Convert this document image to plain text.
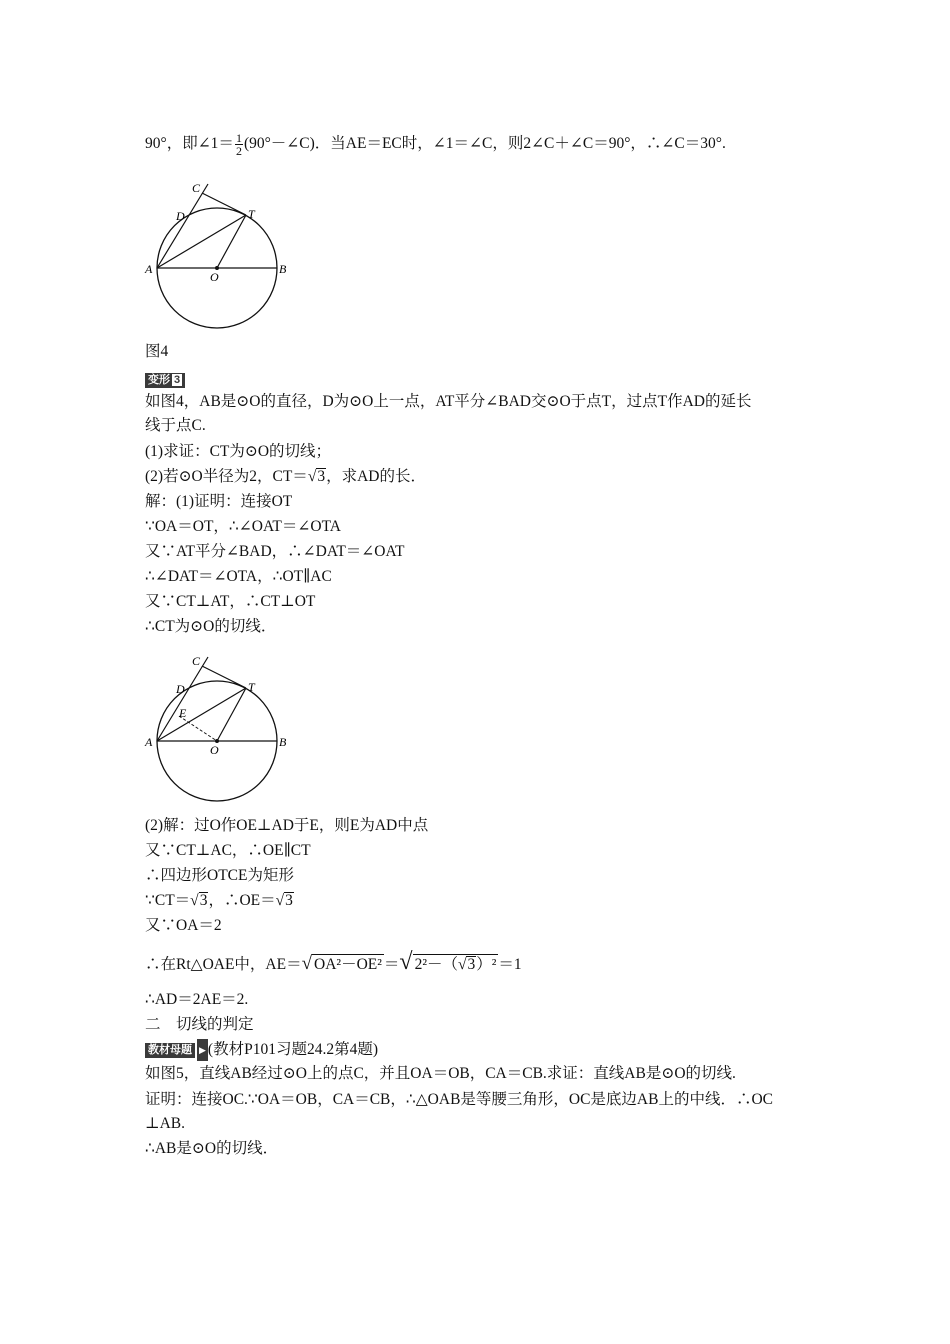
90°，即∠1＝ $\frac{1}{2}$ (90°－∠C)．当AE＝EC时，∠1＝∠C，则2∠C＋∠C＝90°，∴∠C＝30°.
C
D	T
A
O
B
图4
变形 3
如图4，AB是⊙O的直径，D为⊙O上一点，AT平分∠BAD交⊙O于点T，过点T作AD的延长
线于点C.
(1)求证：CT为⊙O的切线；
(2)若⊙O半径为2，CT＝√3，求AD的长．
解：(1)证明：连接OT
∵OA＝OT，∴∠OAT＝∠OTA
又∵AT平分∠BAD，∴∠DAT＝∠OAT
∴∠DAT＝∠OTA，∴OT∥AC
又∵CT⊥AT，∴CT⊥OT
∴CT为⊙O的切线．
C
D	T
E
A
O
B
(2)解：过O作OE⊥AD于E，则E为AD中点
又∵CT⊥AC，∴OE∥CT
∴四边形OTCE为矩形
∵CT＝√3，∴OE＝√3
又∵OA＝2
∴在Rt△OAE中，AE＝√ OA²－OE² ＝√ 2²－（√3）² ＝1
∴AD＝2AE＝2.
二　切线的判定
教材母题 ▶ (教材P101习题24.2第4题)
如图5，直线AB经过⊙O上的点C，并且OA＝OB，CA＝CB.求证：直线AB是⊙O的切线.
证明：连接OC.∵OA＝OB，CA＝CB，∴△OAB是等腰三角形，OC是底边AB上的中线．∴OC
⊥AB.
∴AB是⊙O的切线．
